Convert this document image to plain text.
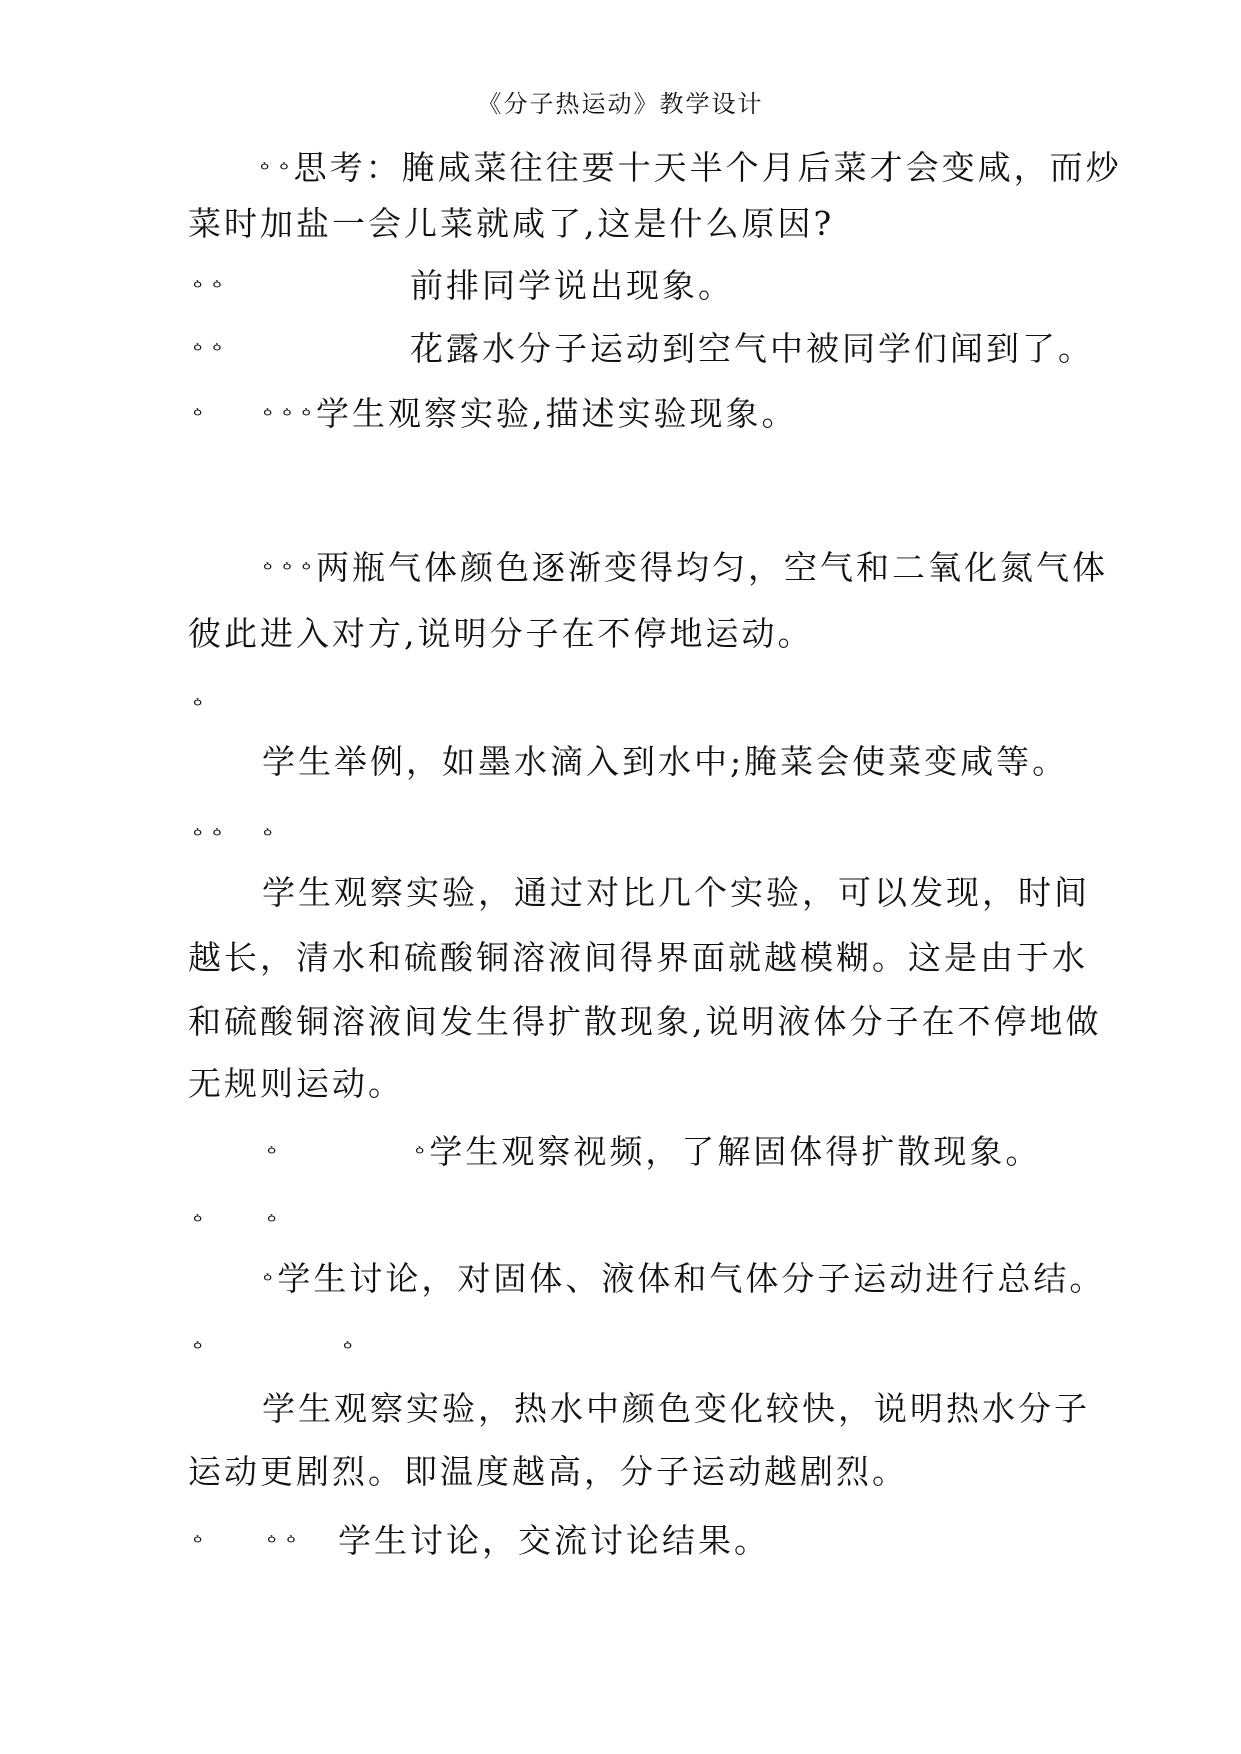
《分子热运动》教学设计
ᅌᅌ思考：腌咸菜往往要十天半个月后菜才会变咸，而炒
菜时加盐一会儿菜就咸了,这是什么原因?
ᅌᅌ	前排同学说出现象。
ᅌᅌ	花露水分子运动到空气中被同学们闻到了。
ᅌ	ᅌᅌᅌ学生观察实验,描述实验现象。
ᅌᅌᅌ两瓶气体颜色逐渐变得均匀，空气和二氧化氮气体
彼此进入对方,说明分子在不停地运动。
ᅌ
学生举例，如墨水滴入到水中;腌菜会使菜变咸等。
ᅌᅌ ᅌ
学生观察实验，通过对比几个实验，可以发现，时间
越长，清水和硫酸铜溶液间得界面就越模糊。这是由于水
和硫酸铜溶液间发生得扩散现象,说明液体分子在不停地做
无规则运动。
ᅌ	ᅌ学生观察视频，了解固体得扩散现象。
ᅌ	ᅌ
ᅌ学生讨论，对固体、液体和气体分子运动进行总结。
ᅌ	ᅌ
学生观察实验，热水中颜色变化较快，说明热水分子
运动更剧烈。即温度越高，分子运动越剧烈。
ᅌ	ᅌᅌ 学生讨论，交流讨论结果。
